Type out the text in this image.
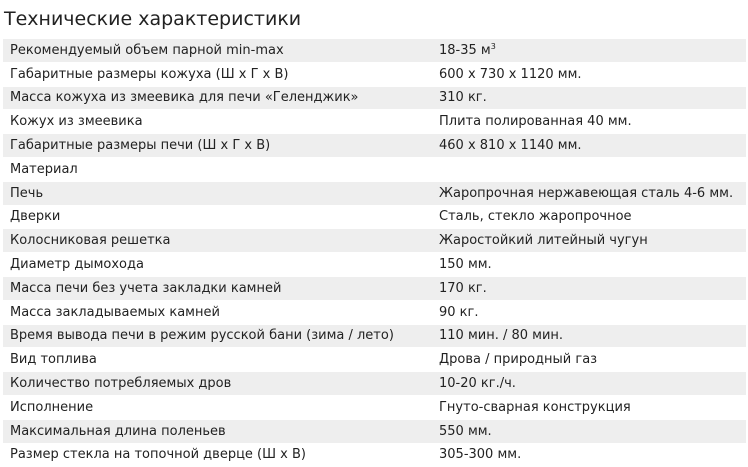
Технические характеристики
Рекомендуемый объем парной min-max	18-35 $м^3$
Габаритные размеры кожуха (Ш х Г х В)	600 х 730 х 1120 мм.
Масса кожуха из змеевика для печи «Геленджик»	310 кг.
Кожух из змеевика	Плита полированная 40 мм.
Габаритные размеры печи (Ш х Г х В)	460 х 810 х 1140 мм.
Материал	
Печь	Жаропрочная нержавеющая сталь 4-6 мм.
Дверки	Сталь, стекло жаропрочное
Колосниковая решетка	Жаростойкий литейный чугун
Диаметр дымохода	150 мм.
Масса печи без учета закладки камней	170 кг.
Масса закладываемых камней	90 кг.
Время вывода печи в режим русской бани (зима / лето)	110 мин. / 80 мин.
Вид топлива	Дрова / природный газ
Количество потребляемых дров	10-20 кг./ч.
Исполнение	Гнуто-сварная конструкция
Максимальная длина поленьев	550 мм.
Размер стекла на топочной дверце (Ш х В)	305-300 мм.
